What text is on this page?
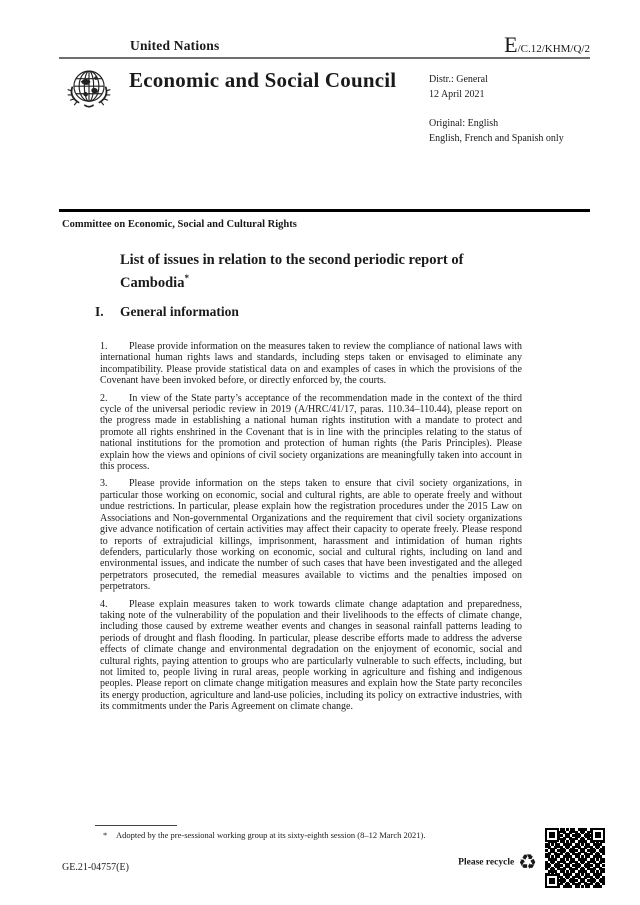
United Nations	E/C.12/KHM/Q/2
Economic and Social Council	Distr.: General
12 April 2021
Original: English
English, French and Spanish only
Committee on Economic, Social and Cultural Rights
List of issues in relation to the second periodic report of Cambodia*
I. General information

1. Please provide information on the measures taken to review the compliance of national laws with international human rights laws and standards, including steps taken or envisaged to eliminate any incompatibility. Please provide statistical data on and examples of cases in which the provisions of the Covenant have been invoked before, or directly enforced by, the courts.

2. In view of the State party’s acceptance of the recommendation made in the context of the third cycle of the universal periodic review in 2019 (A/HRC/41/17, paras. 110.34–110.44), please report on the progress made in establishing a national human rights institution with a mandate to protect and promote all rights enshrined in the Covenant that is in line with the principles relating to the status of national institutions for the promotion and protection of human rights (the Paris Principles). Please explain how the views and opinions of civil society organizations are meaningfully taken into account in this process.

3. Please provide information on the steps taken to ensure that civil society organizations, in particular those working on economic, social and cultural rights, are able to operate freely and without undue restrictions. In particular, please explain how the registration procedures under the 2015 Law on Associations and Non-governmental Organizations and the requirement that civil society organizations give advance notification of certain activities may affect their capacity to operate freely. Please respond to reports of extrajudicial killings, imprisonment, harassment and intimidation of human rights defenders, particularly those working on economic, social and cultural rights, including on land and environmental issues, and indicate the number of such cases that have been investigated and the alleged perpetrators prosecuted, the remedial measures available to victims and the penalties imposed on perpetrators.

4. Please explain measures taken to work towards climate change adaptation and preparedness, taking note of the vulnerability of the population and their livelihoods to the effects of climate change, including those caused by extreme weather events and changes in seasonal rainfall patterns leading to periods of drought and flash flooding. In particular, please describe efforts made to address the adverse effects of climate change and environmental degradation on the enjoyment of economic, social and cultural rights, paying attention to groups who are particularly vulnerable to such effects, including, but not limited to, people living in rural areas, people working in agriculture and fishing and indigenous peoples. Please report on climate change mitigation measures and explain how the State party reconciles its energy production, agriculture and land-use policies, including its policy on extractive industries, with its commitments under the Paris Agreement on climate change.

* Adopted by the pre-sessional working group at its sixty-eighth session (8–12 March 2021).
GE.21-04757(E)	Please recycle ♻
